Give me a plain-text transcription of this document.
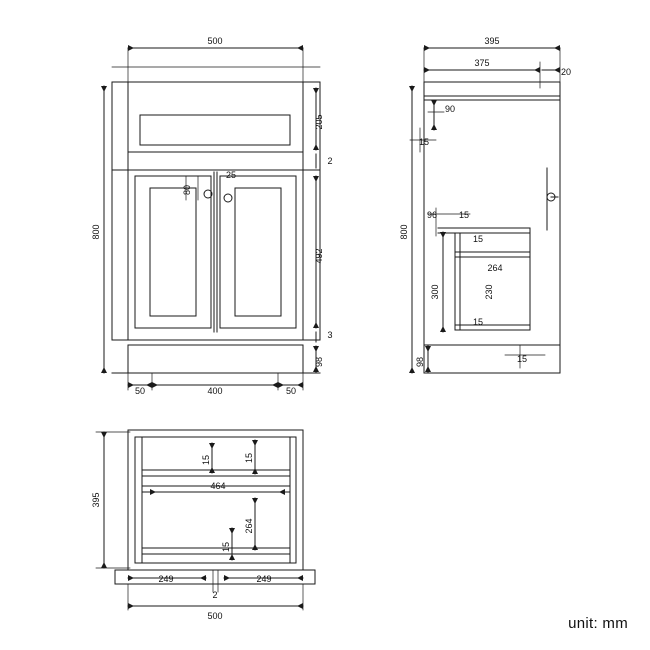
500
800
205
2
25
80
492
3
98
50	400	50
395
375
20
90
15
800
96 15
15
264
300	230
15
98	15
395
15	15
464
264
15
249	249
2
500	unit: mm
